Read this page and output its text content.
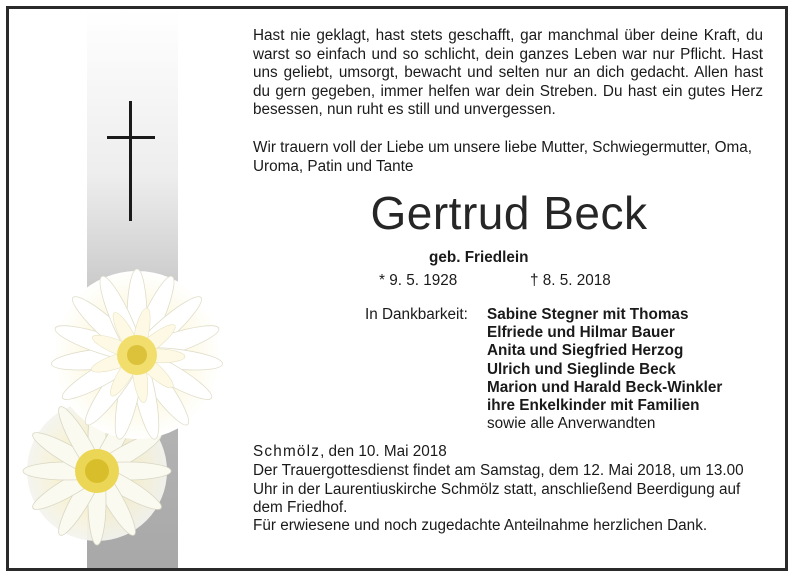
Hast nie geklagt, hast stets geschafft, gar manchmal über deine Kraft, du warst so einfach und so schlicht, dein ganzes Leben war nur Pflicht. Hast uns geliebt, umsorgt, bewacht und selten nur an dich gedacht. Allen hast du gern gegeben, immer helfen war dein Streben. Du hast ein gutes Herz besessen, nun ruht es still und unvergessen.
Wir trauern voll der Liebe um unsere liebe Mutter, Schwiegermutter, Oma, Uroma, Patin und Tante
Gertrud Beck
geb. Friedlein
* 9. 5. 1928	† 8. 5. 2018
In Dankbarkeit: Sabine Stegner mit Thomas
Elfriede und Hilmar Bauer
Anita und Siegfried Herzog
Ulrich und Sieglinde Beck
Marion und Harald Beck-Winkler
ihre Enkelkinder mit Familien
sowie alle Anverwandten
Schmölz, den 10. Mai 2018
Der Trauergottesdienst findet am Samstag, dem 12. Mai 2018, um 13.00 Uhr in der Laurentiuskirche Schmölz statt, anschließend Beerdigung auf dem Friedhof.
Für erwiesene und noch zugedachte Anteilnahme herzlichen Dank.
